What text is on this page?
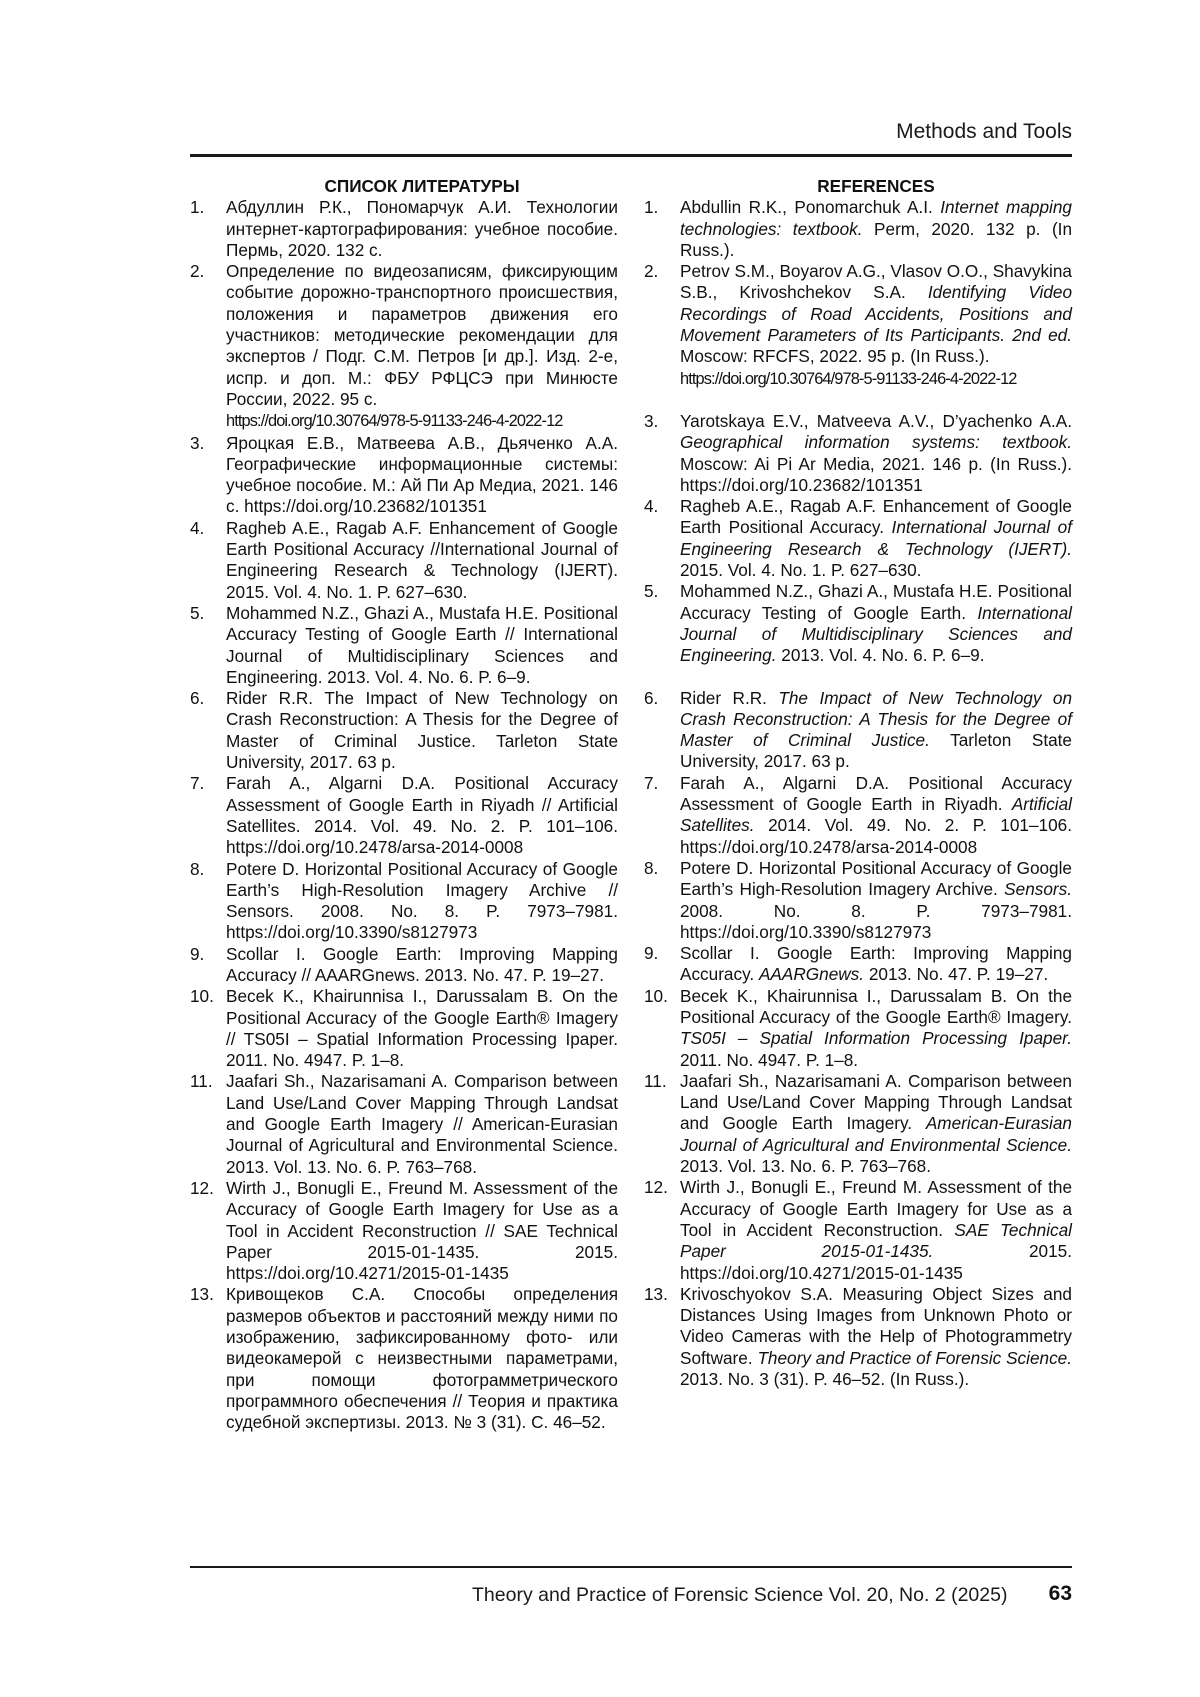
Methods and Tools
СПИСОК ЛИТЕРАТУРЫ
1.	Абдуллин Р.К., Пономарчук А.И. Технологии интернет-картографирования: учебное пособие. Пермь, 2020. 132 с.
2.	Определение по видеозаписям, фиксирующим событие дорожно-транспортного происшествия, положения и параметров движения его участников: методические рекомендации для экспертов / Подг. С.М. Петров [и др.]. Изд. 2-е, испр. и доп. М.: ФБУ РФЦСЭ при Минюсте России, 2022. 95 с.
https://doi.org/10.30764/978-5-91133-246-4-2022-12
3.	Яроцкая Е.В., Матвеева А.В., Дьяченко А.А. Географические информационные системы: учебное пособие. М.: Ай Пи Ар Медиа, 2021. 146 с. https://doi.org/10.23682/101351
4.	Ragheb A.E., Ragab A.F. Enhancement of Google Earth Positional Accuracy //International Journal of Engineering Research & Technology (IJERT). 2015. Vol. 4. No. 1. P. 627–630.
5.	Mohammed N.Z., Ghazi A., Mustafa H.E. Positional Accuracy Testing of Google Earth // International Journal of Multidisciplinary Sciences and Engineering. 2013. Vol. 4. No. 6. P. 6–9.
6.	Rider R.R. The Impact of New Technology on Crash Reconstruction: A Thesis for the Degree of Master of Criminal Justice. Tarleton State University, 2017. 63 p.
7.	Farah A., Algarni D.A. Positional Accuracy Assessment of Google Earth in Riyadh // Artificial Satellites. 2014. Vol. 49. No. 2. P. 101–106. https://doi.org/10.2478/arsa-2014-0008
8.	Potere D. Horizontal Positional Accuracy of Google Earth’s High-Resolution Imagery Archive // Sensors. 2008. No. 8. P. 7973–7981. https://doi.org/10.3390/s8127973
9.	Scollar I. Google Earth: Improving Mapping Accuracy // AAARGnews. 2013. No. 47. P. 19–27.
10. Becek K., Khairunnisa I., Darussalam B. On the Positional Accuracy of the Google Earth® Imagery // TS05I – Spatial Information Processing Ipaper. 2011. No. 4947. P. 1–8.
11. Jaafari Sh., Nazarisamani A. Comparison between Land Use/Land Cover Mapping Through Landsat and Google Earth Imagery // American-Eurasian Journal of Agricultural and Environmental Science. 2013. Vol. 13. No. 6. P. 763–768.
12. Wirth J., Bonugli E., Freund M. Assessment of the Accuracy of Google Earth Imagery for Use as a Tool in Accident Reconstruction // SAE Technical Paper 2015-01-1435. 2015. https://doi.org/10.4271/2015-01-1435
13. Кривощеков С.А. Способы определения размеров объектов и расстояний между ними по изображению, зафиксированному фото- или видеокамерой с неизвестными параметрами, при помощи фотограмметрического программного обеспечения // Теория и практика судебной экспертизы. 2013. № 3 (31). С. 46–52.
REFERENCES
1.	Abdullin R.K., Ponomarchuk A.I. Internet mapping technologies: textbook. Perm, 2020. 132 p. (In Russ.).
2.	Petrov S.M., Boyarov A.G., Vlasov O.O., Shavykina S.B., Krivoshchekov S.A. Identifying Video Recordings of Road Accidents, Positions and Movement Parameters of Its Participants. 2nd ed. Moscow: RFCFS, 2022. 95 p. (In Russ.).
https://doi.org/10.30764/978-5-91133-246-4-2022-12
3.	Yarotskaya E.V., Matveeva A.V., D’yachenko A.A. Geographical information systems: textbook. Moscow: Ai Pi Ar Media, 2021. 146 p. (In Russ.). https://doi.org/10.23682/101351
4.	Ragheb A.E., Ragab A.F. Enhancement of Google Earth Positional Accuracy. International Journal of Engineering Research & Technology (IJERT). 2015. Vol. 4. No. 1. P. 627–630.
5.	Mohammed N.Z., Ghazi A., Mustafa H.E. Positional Accuracy Testing of Google Earth. International Journal of Multidisciplinary Sciences and Engineering. 2013. Vol. 4. No. 6. P. 6–9.
6.	Rider R.R. The Impact of New Technology on Crash Reconstruction: A Thesis for the Degree of Master of Criminal Justice. Tarleton State University, 2017. 63 p.
7.	Farah A., Algarni D.A. Positional Accuracy Assessment of Google Earth in Riyadh. Artificial Satellites. 2014. Vol. 49. No. 2. P. 101–106. https://doi.org/10.2478/arsa-2014-0008
8.	Potere D. Horizontal Positional Accuracy of Google Earth’s High-Resolution Imagery Archive. Sensors. 2008. No. 8. P. 7973–7981. https://doi.org/10.3390/s8127973
9.	Scollar I. Google Earth: Improving Mapping Accuracy. AAARGnews. 2013. No. 47. P. 19–27.
10. Becek K., Khairunnisa I., Darussalam B. On the Positional Accuracy of the Google Earth® Imagery. TS05I – Spatial Information Processing Ipaper. 2011. No. 4947. P. 1–8.
11. Jaafari Sh., Nazarisamani A. Comparison between Land Use/Land Cover Mapping Through Landsat and Google Earth Imagery. American-Eurasian Journal of Agricultural and Environmental Science. 2013. Vol. 13. No. 6. P. 763–768.
12. Wirth J., Bonugli E., Freund M. Assessment of the Accuracy of Google Earth Imagery for Use as a Tool in Accident Reconstruction. SAE Technical Paper 2015-01-1435. 2015. https://doi.org/10.4271/2015-01-1435
13. Krivoschyokov S.A. Measuring Object Sizes and Distances Using Images from Unknown Photo or Video Cameras with the Help of Photogrammetry Software. Theory and Practice of Forensic Science. 2013. No. 3 (31). P. 46–52. (In Russ.).
Theory and Practice of Forensic Science Vol. 20, No. 2 (2025) 63
